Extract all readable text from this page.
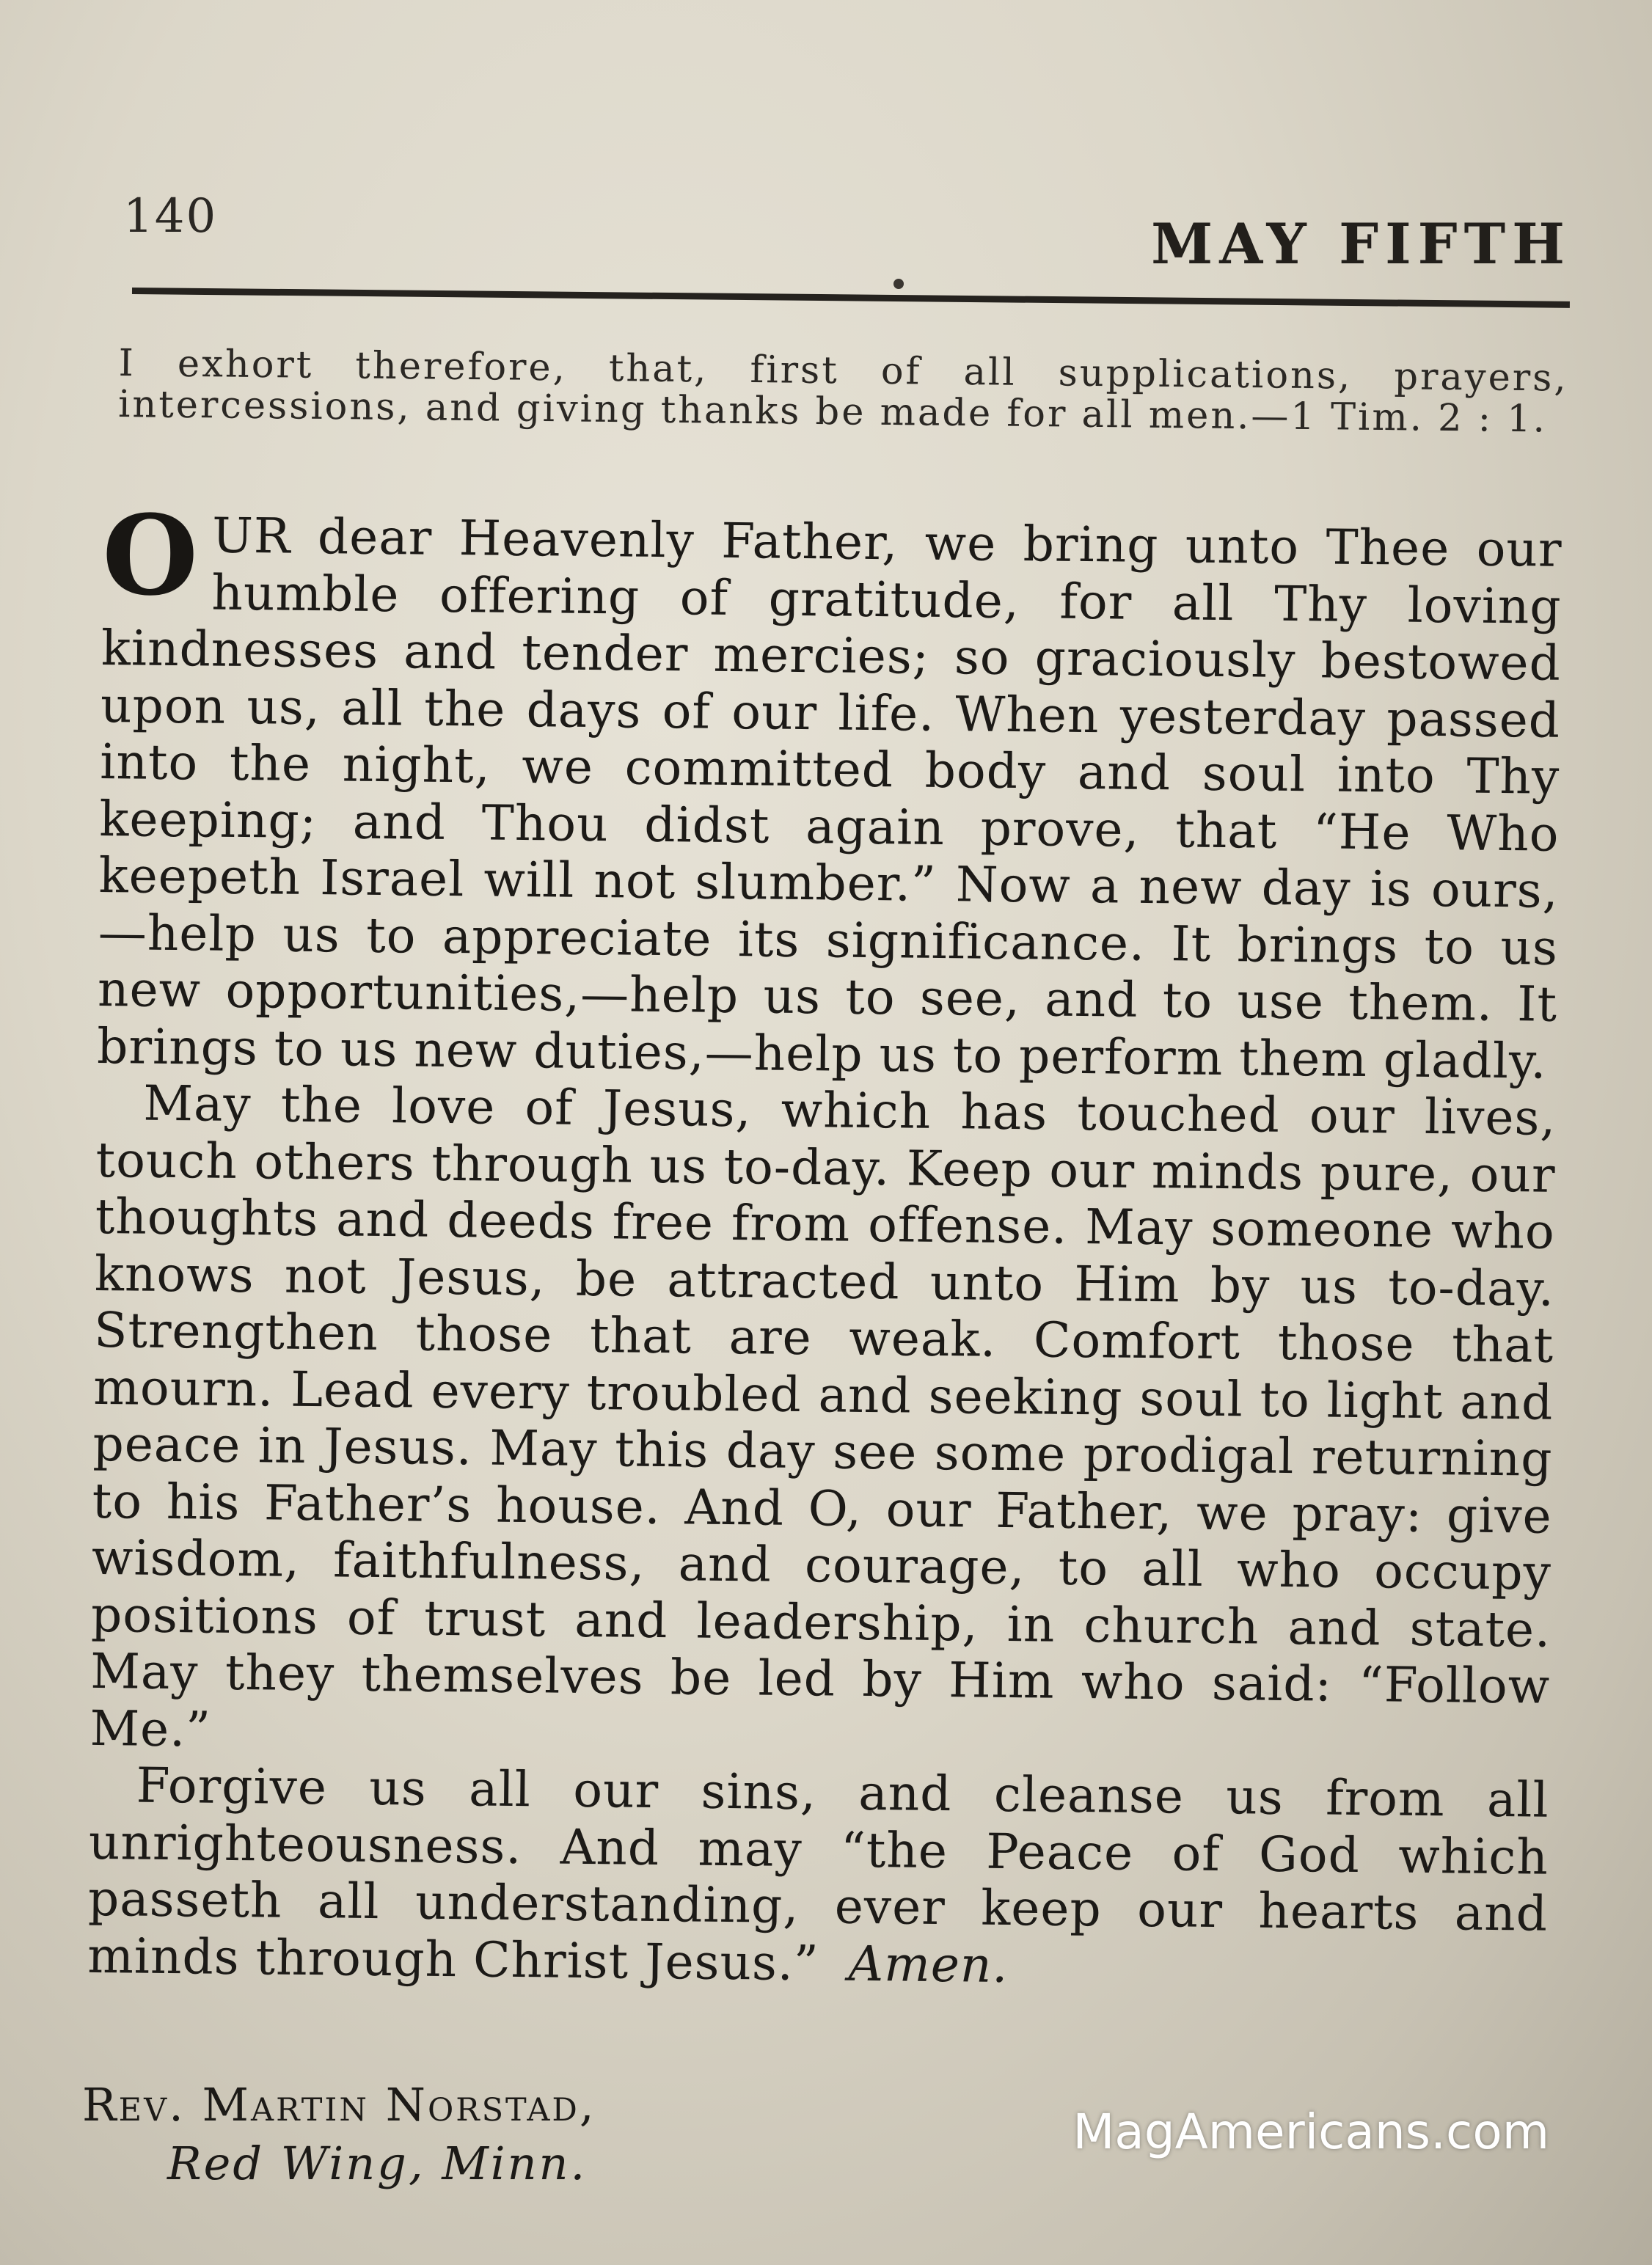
140	MAY FIFTH
I exhort therefore, that, first of all supplications, prayers, intercessions, and giving thanks be made for all men.—1 Tim. 2 : 1.

OUR dear Heavenly Father, we bring unto Thee our humble offering of gratitude, for all Thy loving kindnesses and tender mercies; so graciously bestowed upon us, all the days of our life. When yesterday passed into the night, we committed body and soul into Thy keeping; and Thou didst again prove, that “He Who keepeth Israel will not slumber.” Now a new day is ours,—help us to appreciate its significance. It brings to us new opportunities,—help us to see, and to use them. It brings to us new duties,—help us to perform them gladly.

May the love of Jesus, which has touched our lives, touch others through us to-day. Keep our minds pure, our thoughts and deeds free from offense. May someone who knows not Jesus, be attracted unto Him by us to-day. Strengthen those that are weak. Comfort those that mourn. Lead every troubled and seeking soul to light and peace in Jesus. May this day see some prodigal returning to his Father’s house. And O, our Father, we pray: give wisdom, faithfulness, and courage, to all who occupy positions of trust and leadership, in church and state. May they themselves be led by Him who said: “Follow Me.”

Forgive us all our sins, and cleanse us from all unrighteousness. And may “the Peace of God which passeth all understanding, ever keep our hearts and minds through Christ Jesus.” Amen.

Rev. Martin Norstad,
Red Wing, Minn.
MagAmericans.com
